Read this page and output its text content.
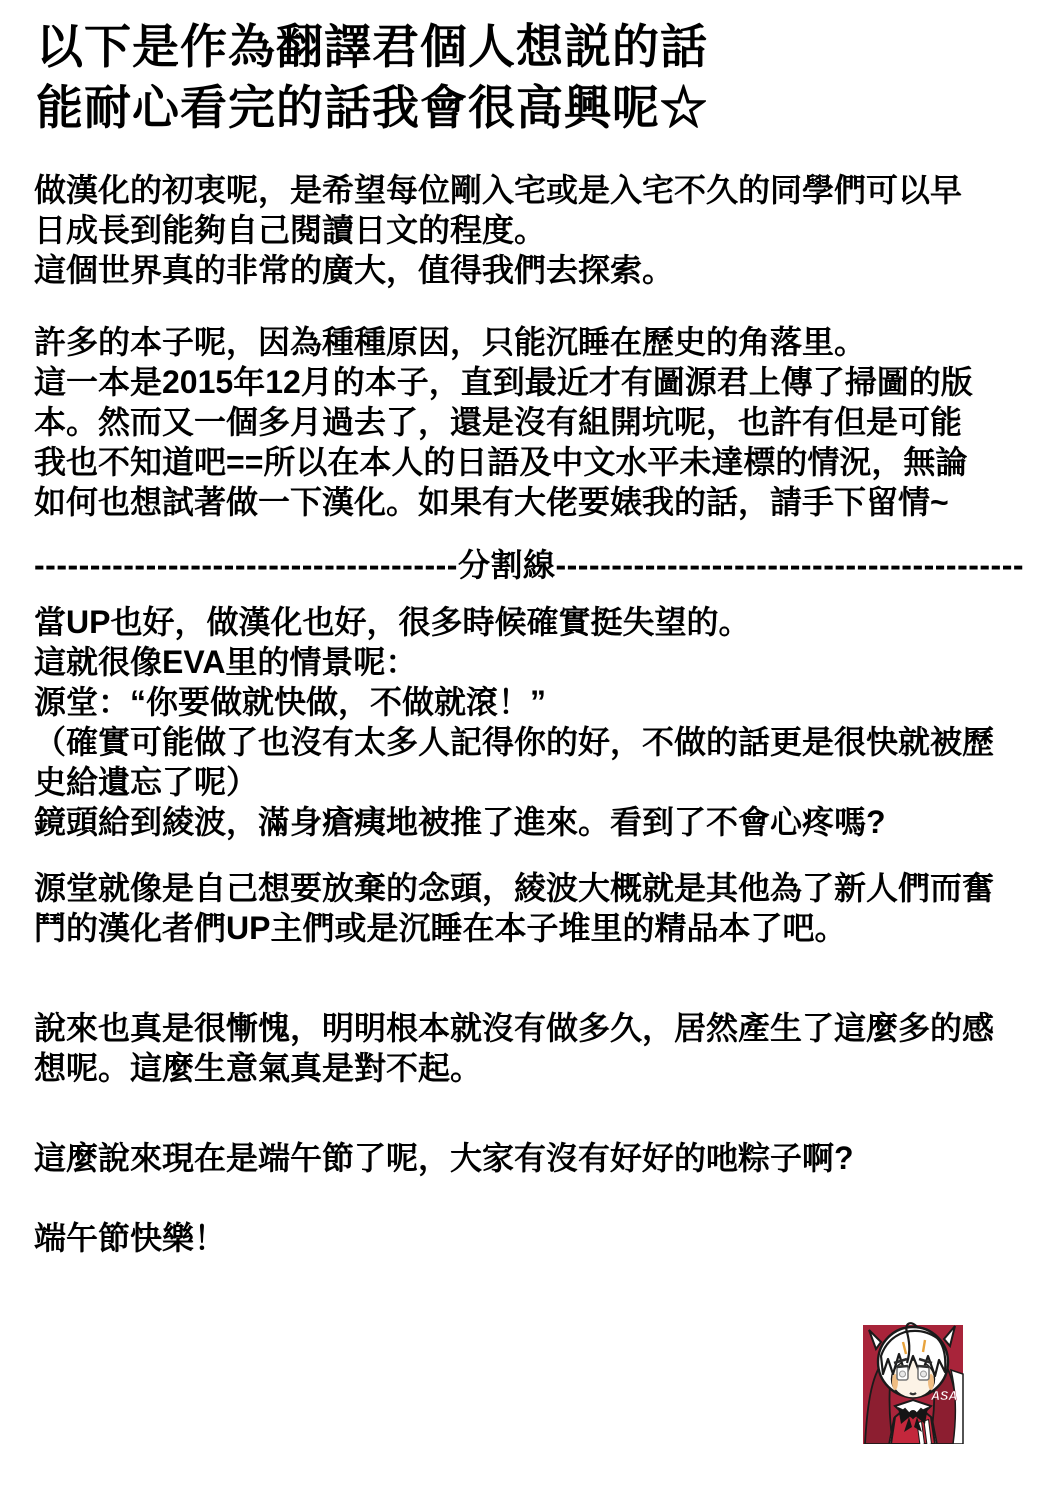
以下是作為翻譯君個人想説的話
能耐心看完的話我會很高興呢☆
做漢化的初衷呢，是希望每位剛入宅或是入宅不久的同學們可以早
日成長到能夠自己閱讀日文的程度。
這個世界真的非常的廣大，值得我們去探索。
許多的本子呢，因為種種原因，只能沉睡在歷史的角落里。
這一本是2015年12月的本子，直到最近才有圖源君上傳了掃圖的版
本。然而又一個多月過去了，還是沒有組開坑呢，也許有但是可能
我也不知道吧==所以在本人的日語及中文水平未達標的情況，無論
如何也想試著做一下漢化。如果有大佬要婊我的話，請手下留情~
--------------------------------------分割線------------------------------------------
當UP也好，做漢化也好，很多時候確實挺失望的。
這就很像EVA里的情景呢：
源堂：“你要做就快做，不做就滾！”
（確實可能做了也沒有太多人記得你的好，不做的話更是很快就被歷
史給遺忘了呢）
鏡頭給到綾波，滿身瘡痍地被推了進來。看到了不會心疼嗎?
源堂就像是自己想要放棄的念頭，綾波大概就是其他為了新人們而奮
鬥的漢化者們UP主們或是沉睡在本子堆里的精品本了吧。
說來也真是很慚愧，明明根本就沒有做多久，居然產生了這麼多的感
想呢。這麼生意氣真是對不起。
這麼說來現在是端午節了呢，大家有沒有好好的吔粽子啊?
端午節快樂！
ASA
